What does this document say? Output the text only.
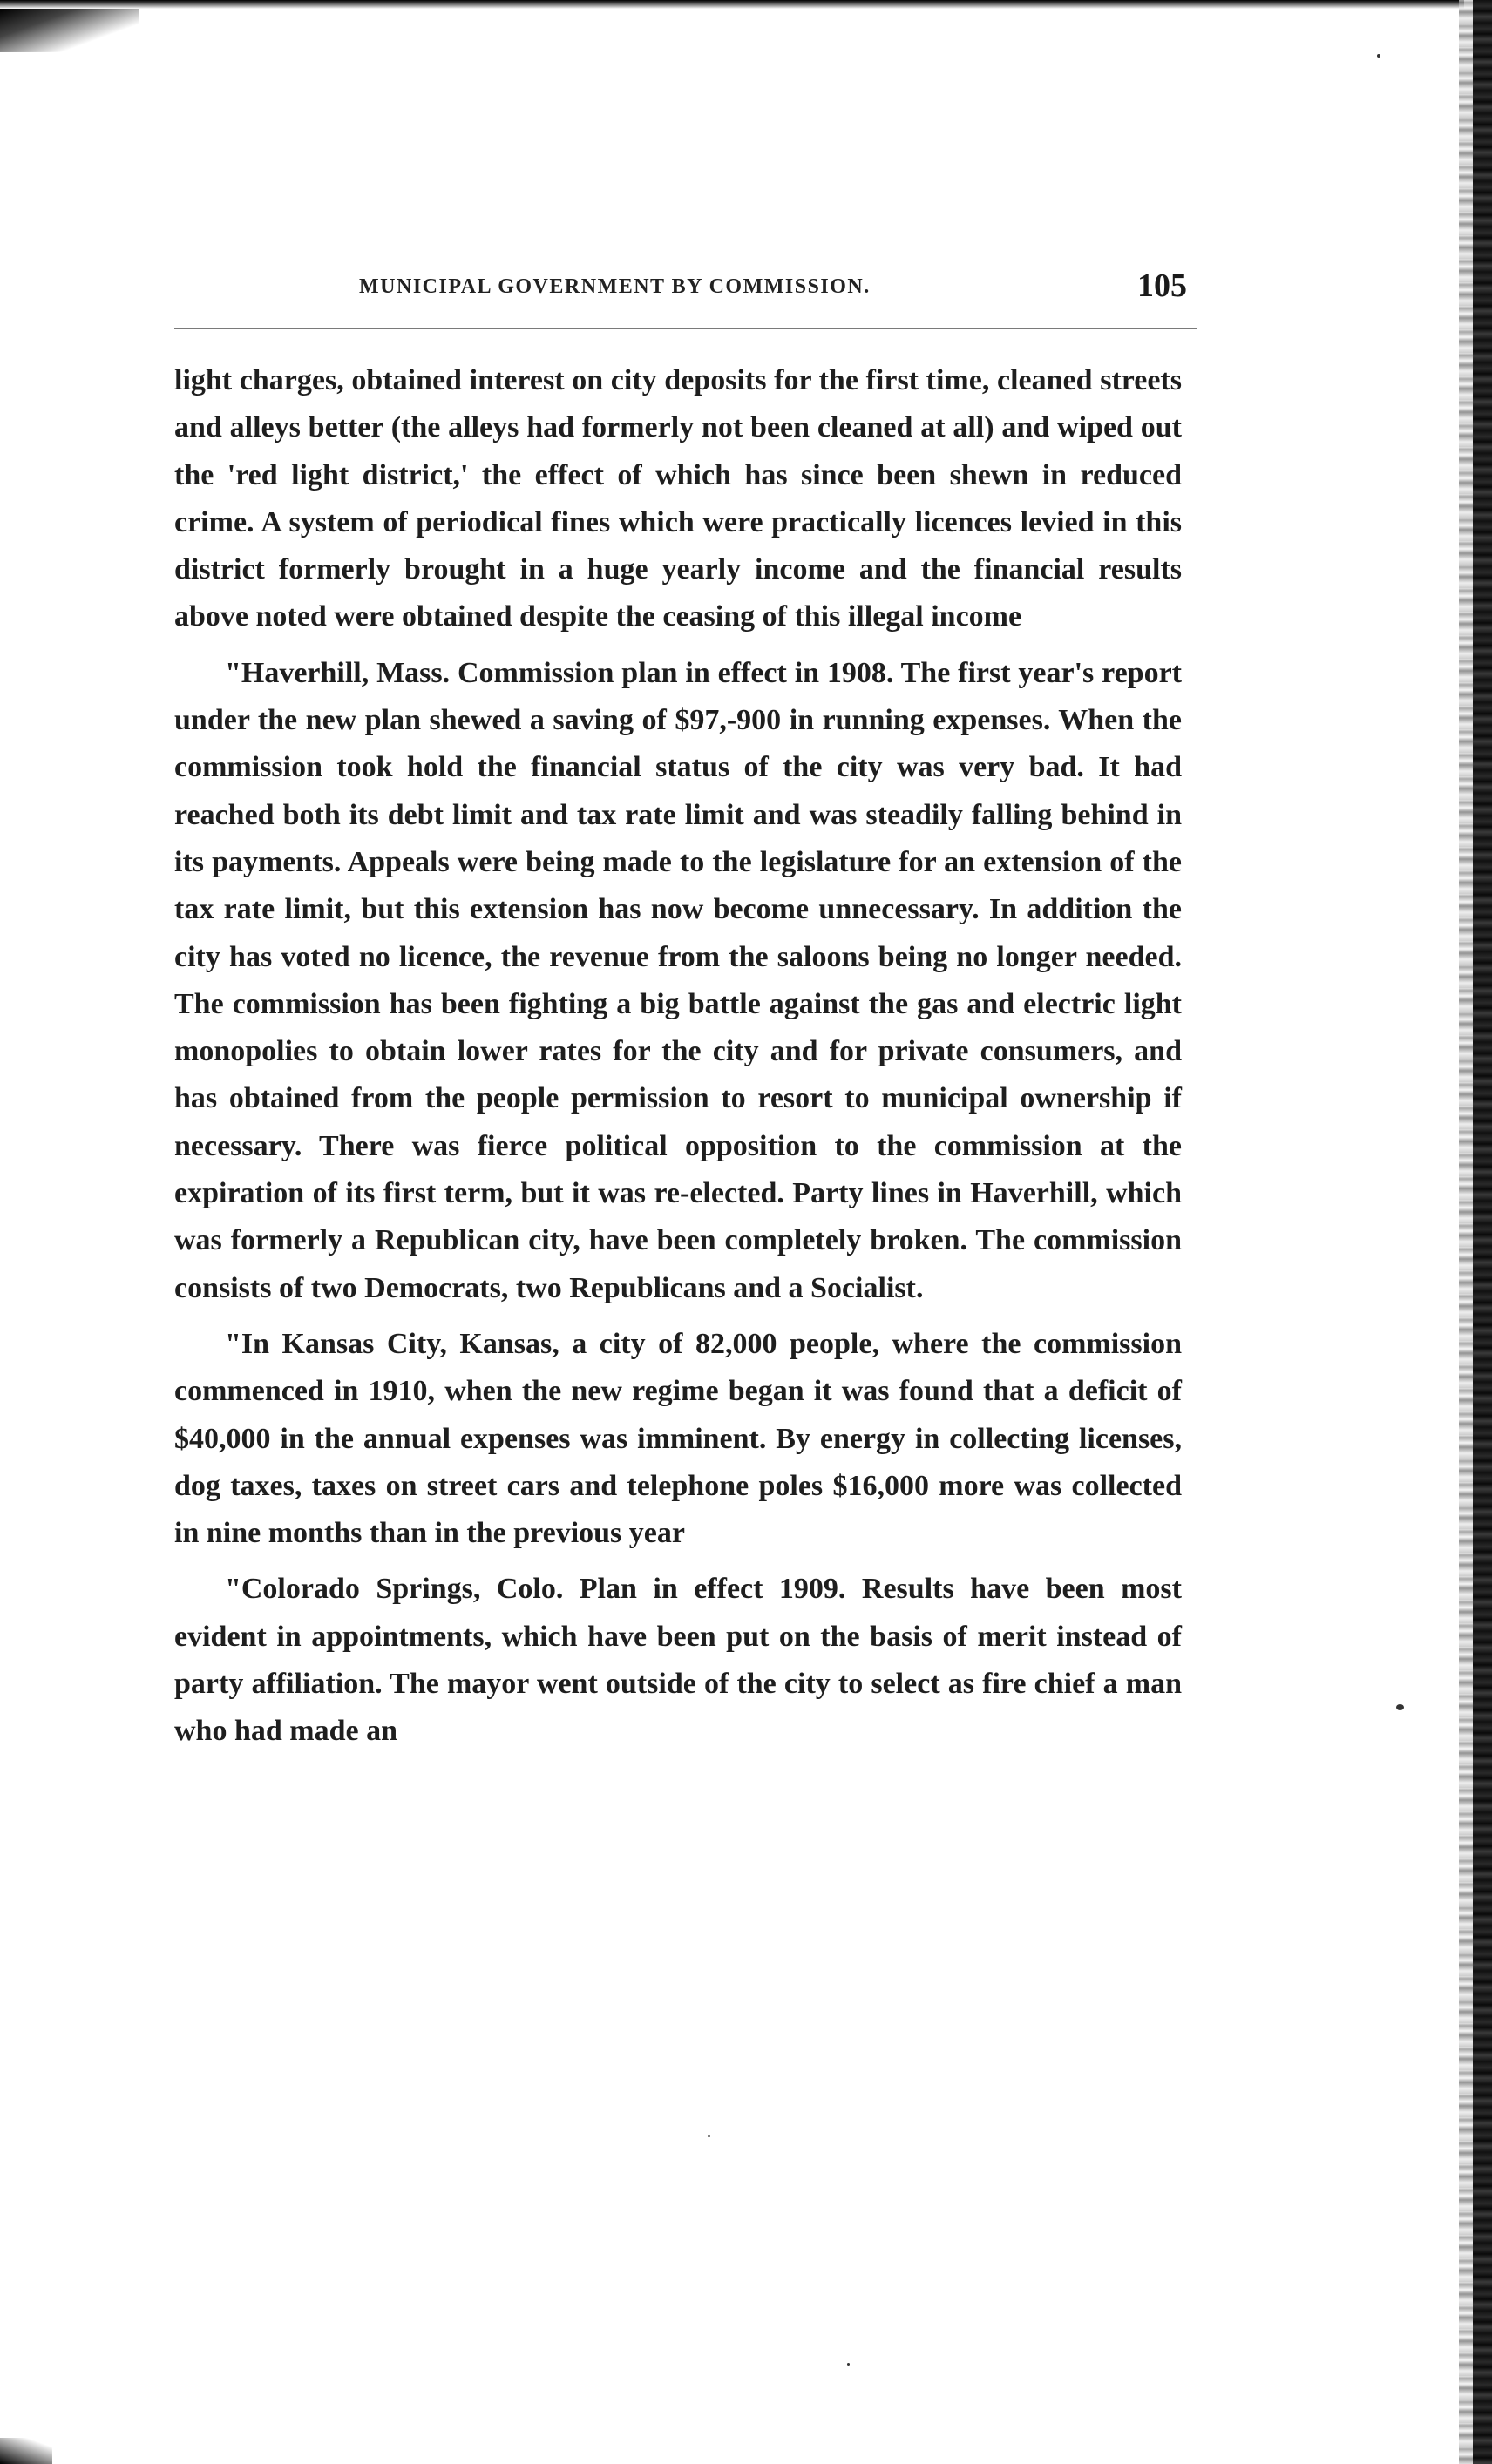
MUNICIPAL GOVERNMENT BY COMMISSION.	105

light charges, obtained interest on city deposits for the first time, cleaned streets and alleys better (the alleys had formerly not been cleaned at all) and wiped out the 'red light district,' the effect of which has since been shewn in reduced crime. A system of periodical fines which were practically licences levied in this district formerly brought in a huge yearly income and the financial results above noted were obtained despite the ceasing of this illegal income

"Haverhill, Mass. Commission plan in effect in 1908. The first year's report under the new plan shewed a saving of $97,-900 in running expenses. When the commission took hold the financial status of the city was very bad. It had reached both its debt limit and tax rate limit and was steadily falling behind in its payments. Appeals were being made to the legislature for an extension of the tax rate limit, but this extension has now become unnecessary. In addition the city has voted no licence, the revenue from the saloons being no longer needed. The commission has been fighting a big battle against the gas and electric light monopolies to obtain lower rates for the city and for private consumers, and has obtained from the people permission to resort to municipal ownership if necessary. There was fierce political opposition to the commission at the expiration of its first term, but it was re-elected. Party lines in Haverhill, which was formerly a Republican city, have been completely broken. The commission consists of two Democrats, two Republicans and a Socialist.

"In Kansas City, Kansas, a city of 82,000 people, where the commission commenced in 1910, when the new regime began it was found that a deficit of $40,000 in the annual expenses was imminent. By energy in collecting licenses, dog taxes, taxes on street cars and telephone poles $16,000 more was collected in nine months than in the previous year

"Colorado Springs, Colo. Plan in effect 1909. Results have been most evident in appointments, which have been put on the basis of merit instead of party affiliation. The mayor went outside of the city to select as fire chief a man who had made an
